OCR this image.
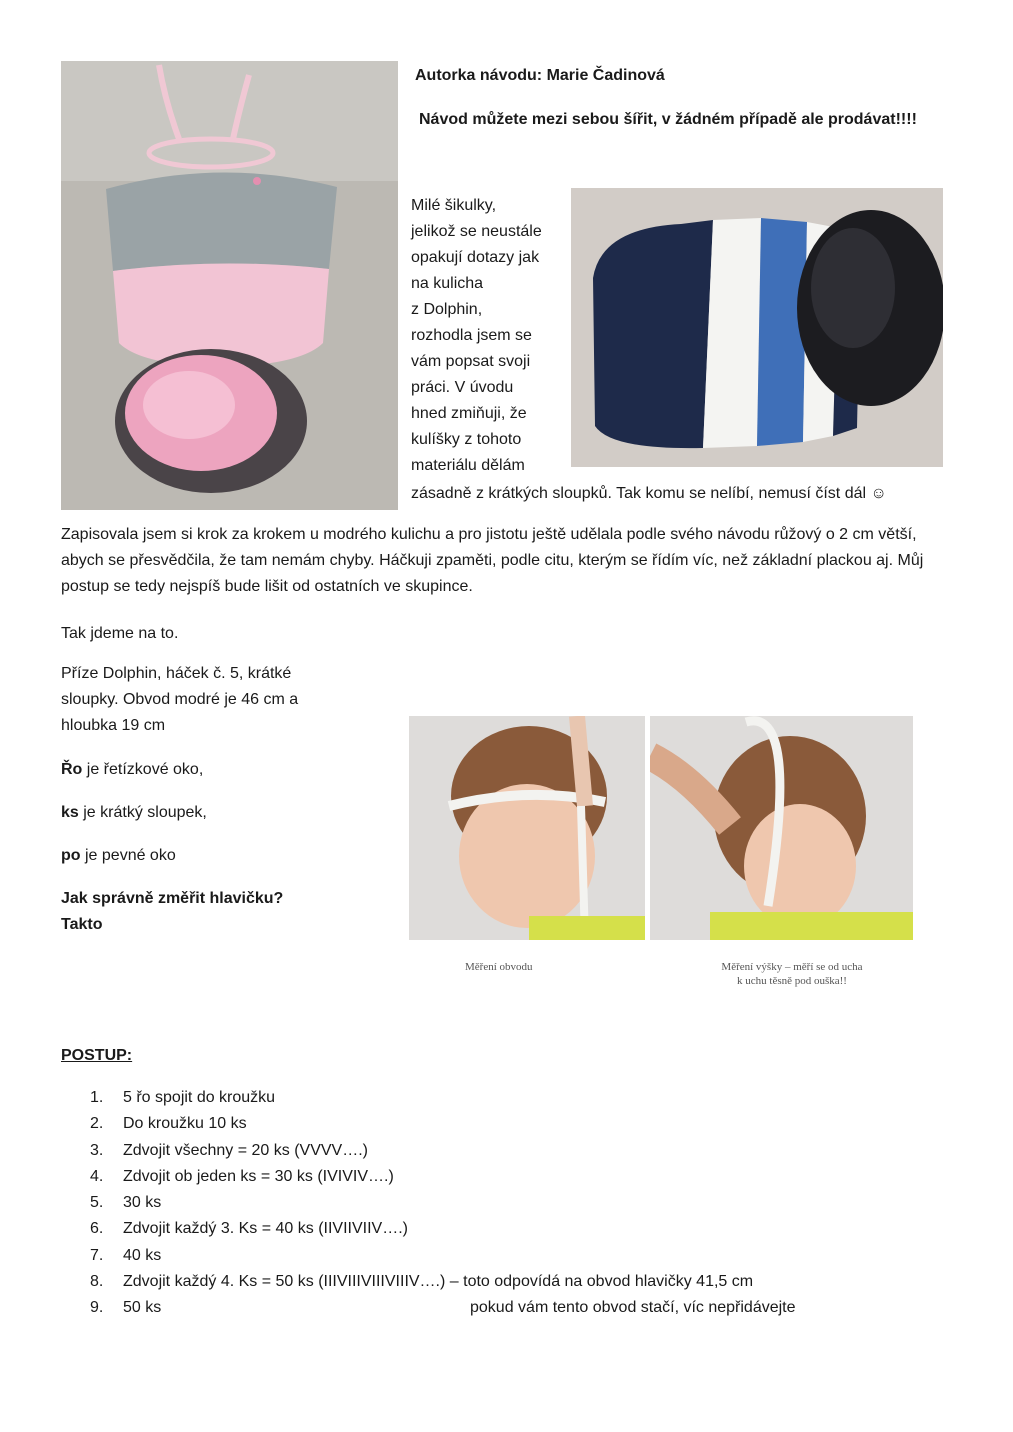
Autorka návodu: Marie Čadinová

Návod můžete mezi sebou šířit, v žádném případě ale prodávat!!!!

Milé šikulky,

jelikož se neustále

opakují dotazy jak

na kulicha

z Dolphin,

rozhodla jsem se

vám popsat svoji

práci. V úvodu

hned zmiňuji, že

kulíšky z tohoto

materiálu dělám

zásadně z krátkých sloupků. Tak komu se nelíbí, nemusí číst dál ☺

Zapisovala jsem si krok za krokem u modrého kulichu a pro jistotu ještě udělala podle svého návodu růžový o 2 cm větší, abych se přesvědčila, že tam nemám chyby. Háčkuji zpaměti, podle citu, kterým se řídím víc, než základní plackou aj. Můj postup se tedy nejspíš bude lišit od ostatních ve skupince.

Tak jdeme na to.

Příze Dolphin, háček č. 5, krátké sloupky. Obvod modré je 46 cm a hloubka 19 cm

Řo je řetízkové oko,

ks je krátký sloupek,

po je pevné oko

Jak správně změřit hlavičku?

Takto

Měření obvodu	Měření výšky – měří se od ucha
k uchu těsně pod ouška!!

POSTUP:

1.	5 řo spojit do kroužku
2.	Do kroužku 10 ks
3.	Zdvojit všechny = 20 ks (VVVV….)
4.	Zdvojit ob jeden ks = 30 ks (IVIVIV….)
5.	30 ks
6.	Zdvojit každý 3. Ks = 40 ks (IIVIIVIIV….)
7.	40 ks
8.	Zdvojit každý 4. Ks = 50 ks (IIIVIIIVIIIVIIIV….) – toto odpovídá na obvod hlavičky 41,5 cm
9.	50 ks	pokud vám tento obvod stačí, víc nepřidávejte
